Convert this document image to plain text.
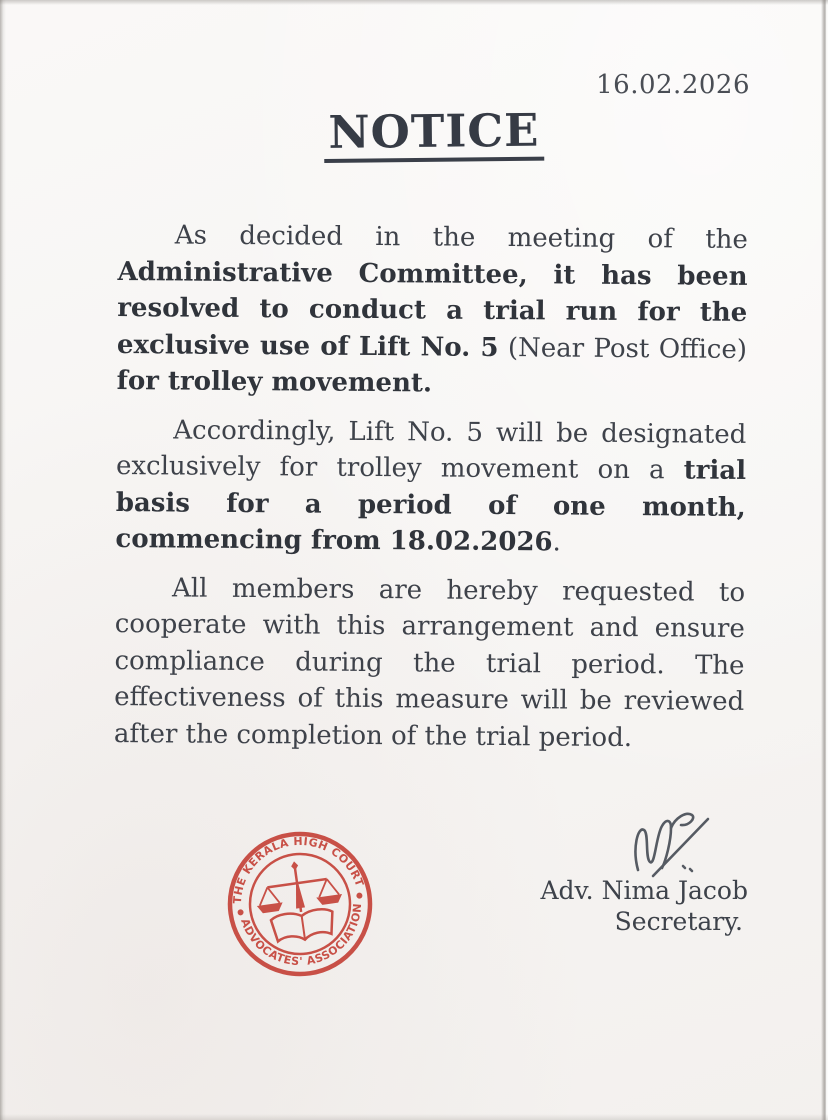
16.02.2026
NOTICE

As decided in the meeting of the Administrative Committee, it has been resolved to conduct a trial run for the exclusive use of Lift No. 5 (Near Post Office) for trolley movement.

Accordingly, Lift No. 5 will be designated exclusively for trolley movement on a trial basis for a period of one month, commencing from 18.02.2026.

All members are hereby requested to cooperate with this arrangement and ensure compliance during the trial period. The effectiveness of this measure will be reviewed after the completion of the trial period.

THE KERALA HIGH COURT
ADVOCATES' ASSOCIATION
Adv. Nima Jacob
Secretary.
